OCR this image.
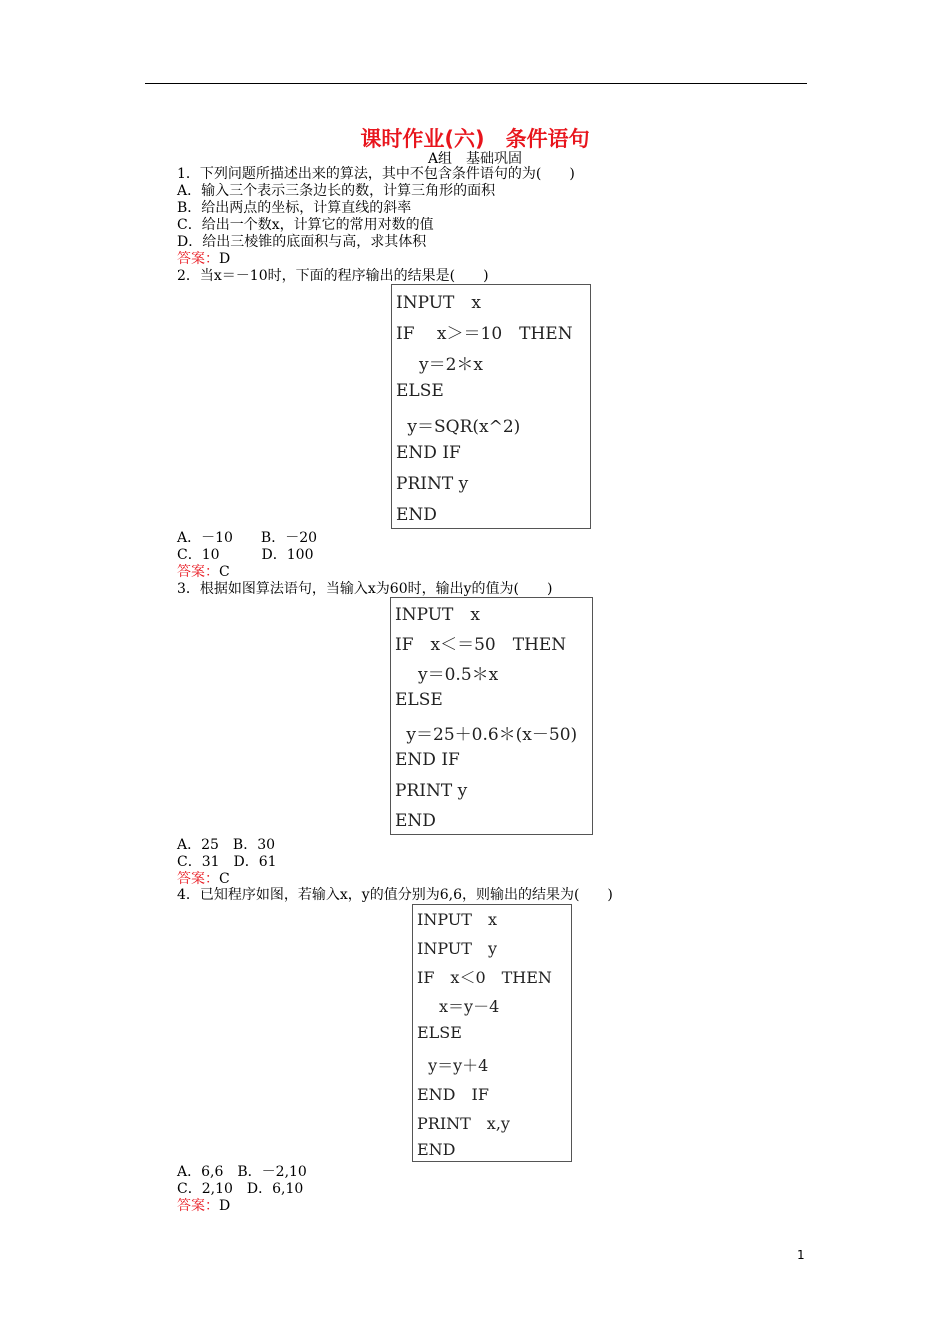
课时作业(六)　条件语句
A组　基础巩固
1．下列问题所描述出来的算法，其中不包含条件语句的为(　　)
A．输入三个表示三条边长的数，计算三角形的面积
B．给出两点的坐标，计算直线的斜率
C．给出一个数x，计算它的常用对数的值
D．给出三棱锥的底面积与高，求其体积
答案：D
2．当x＝－10时，下面的程序输出的结果是(　　)
INPUT　x
IF　 x＞＝10　THEN
　y＝2＊x
ELSE
y＝SQR(x^2)
END IF
PRINT y
END
A．－10　　B．－20
C．10　　　D．100
答案：C
3．根据如图算法语句，当输入x为60时，输出y的值为(　　)
INPUT　x
IF　x＜＝50　THEN
　y＝0.5＊x
ELSE
y＝25＋0.6＊(x－50)
END IF
PRINT y
END
A．25　B．30
C．31　D．61
答案：C
4．已知程序如图，若输入x，y的值分别为6,6，则输出的结果为(　　)
INPUT　x
INPUT　y
IF　x＜0　THEN
　x＝y－4
ELSE
y＝y＋4
END　IF
PRINT　x,y
END
A．6,6　B．－2,10
C．2,10　D．6,10
答案：D
1
